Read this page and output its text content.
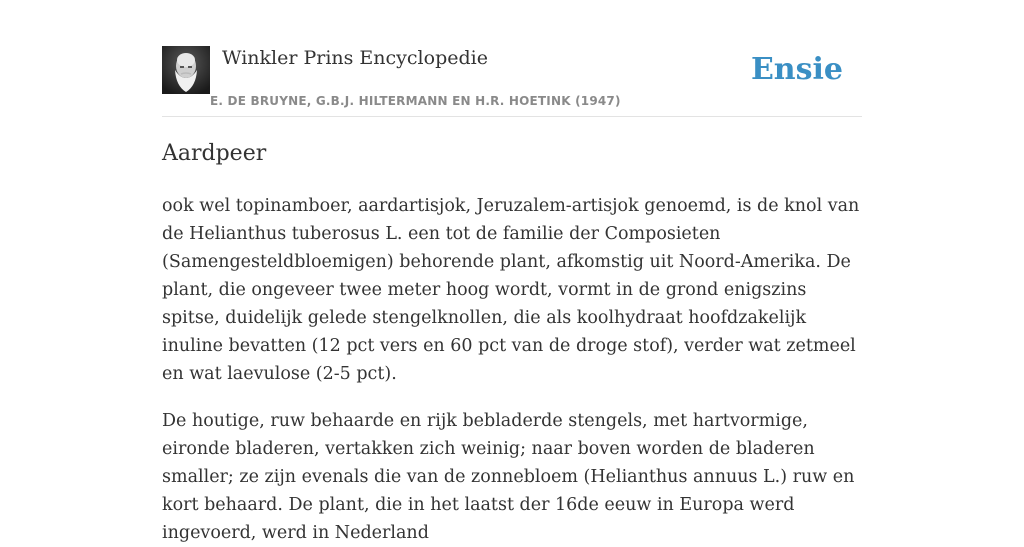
Winkler Prins Encyclopedie
E. DE BRUYNE, G.B.J. HILTERMANN EN H.R. HOETINK (1947)
Ensie
Aardpeer

ook wel topinamboer, aardartisjok, Jeruzalem-artisjok genoemd, is de knol van de Helianthus tuberosus L. een tot de familie der Composieten (Samengesteldbloemigen) behorende plant, afkomstig uit Noord-Amerika. De plant, die ongeveer twee meter hoog wordt, vormt in de grond enigszins spitse, duidelijk gelede stengelknollen, die als koolhydraat hoofdzakelijk inuline bevatten (12 pct vers en 60 pct van de droge stof), verder wat zetmeel en wat laevulose (2-5 pct).

De houtige, ruw behaarde en rijk bebladerde stengels, met hartvormige, eironde bladeren, vertakken zich weinig; naar boven worden de bladeren smaller; ze zijn evenals die van de zonnebloem (Helianthus annuus L.) ruw en kort behaard. De plant, die in het laatst der 16de eeuw in Europa werd ingevoerd, werd in Nederland
